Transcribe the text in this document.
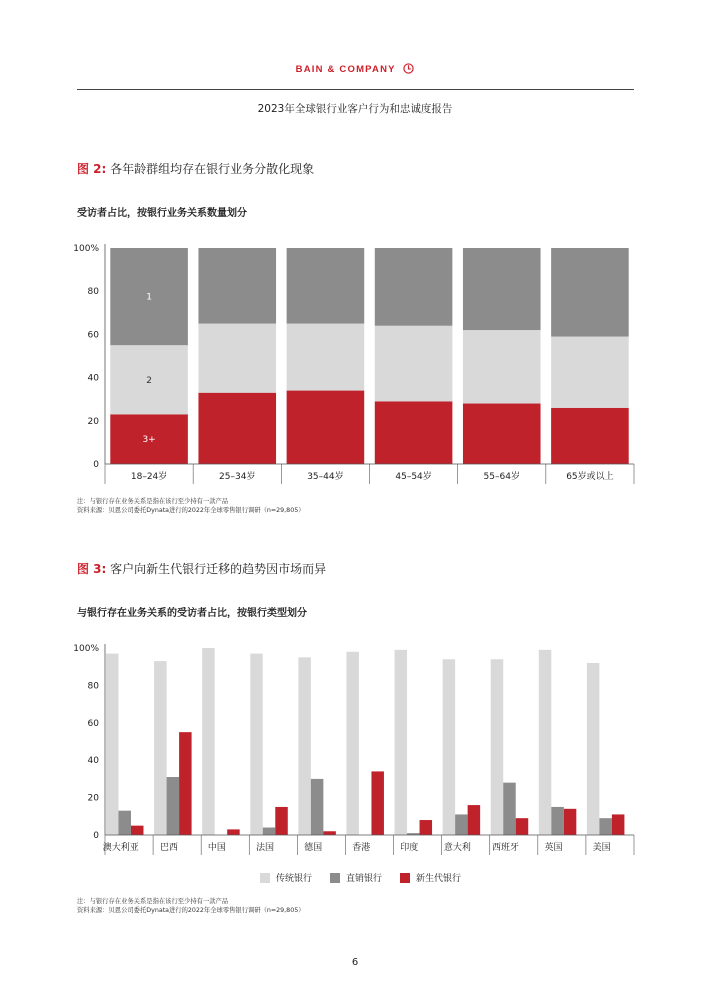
BAIN & COMPANY
2023年全球银行业客户行为和忠诚度报告
图 2: 各年龄群组均存在银行业务分散化现象
受访者占比，按银行业务关系数量划分
0
20
40
60
80
100%
3+
2
1
18–24岁	25–34岁	35–44岁	45–54岁	55–64岁	65岁或以上
注：与银行存在业务关系是指在该行至少持有一款产品
资料来源：贝恩公司委托Dynata进行的2022年全球零售银行调研（n=29,805）
图 3: 客户向新生代银行迁移的趋势因市场而异
与银行存在业务关系的受访者占比，按银行类型划分
0
20
40
60
80
100%
澳大利亚 巴西	中国	法国	德国	香港	印度	意大利 西班牙	英国	美国
传统银行	直销银行	新生代银行
注：与银行存在业务关系是指在该行至少持有一款产品
资料来源：贝恩公司委托Dynata进行的2022年全球零售银行调研（n=29,805）
6
